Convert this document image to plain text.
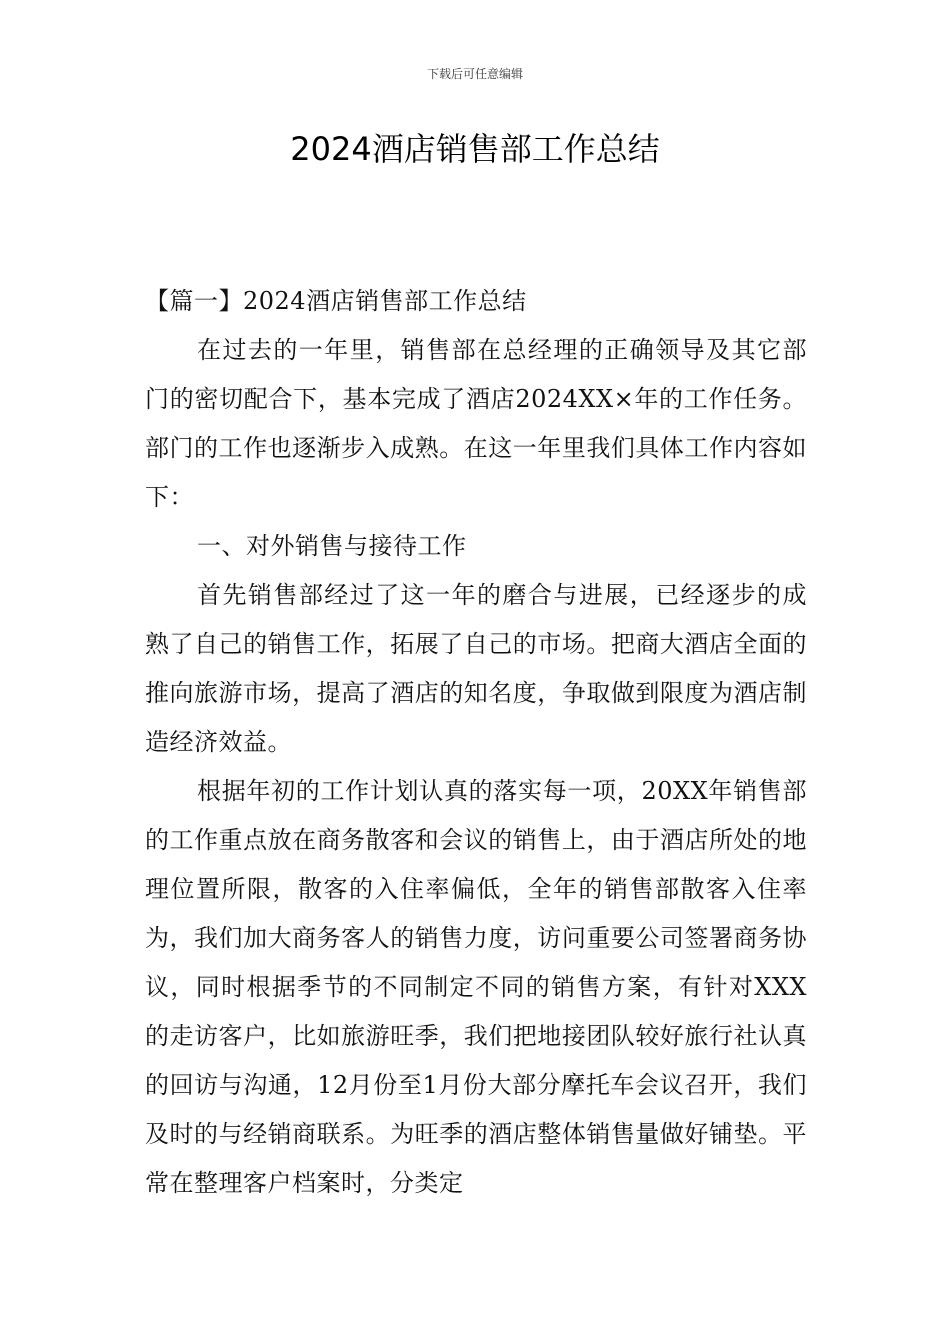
下载后可任意编辑
2024酒店销售部工作总结

【篇一】2024酒店销售部工作总结

在过去的一年里，销售部在总经理的正确领导及其它部门的密切配合下，基本完成了酒店2024XX×年的工作任务。部门的工作也逐渐步入成熟。在这一年里我们具体工作内容如下：

一、对外销售与接待工作

首先销售部经过了这一年的磨合与进展，已经逐步的成熟了自己的销售工作，拓展了自己的市场。把商大酒店全面的推向旅游市场，提高了酒店的知名度，争取做到限度为酒店制造经济效益。

根据年初的工作计划认真的落实每一项，20XX年销售部的工作重点放在商务散客和会议的销售上，由于酒店所处的地理位置所限，散客的入住率偏低，全年的销售部散客入住率为，我们加大商务客人的销售力度，访问重要公司签署商务协议，同时根据季节的不同制定不同的销售方案，有针对XXX的走访客户，比如旅游旺季，我们把地接团队较好旅行社认真的回访与沟通，12月份至1月份大部分摩托车会议召开，我们及时的与经销商联系。为旺季的酒店整体销售量做好铺垫。平常在整理客户档案时，分类定
